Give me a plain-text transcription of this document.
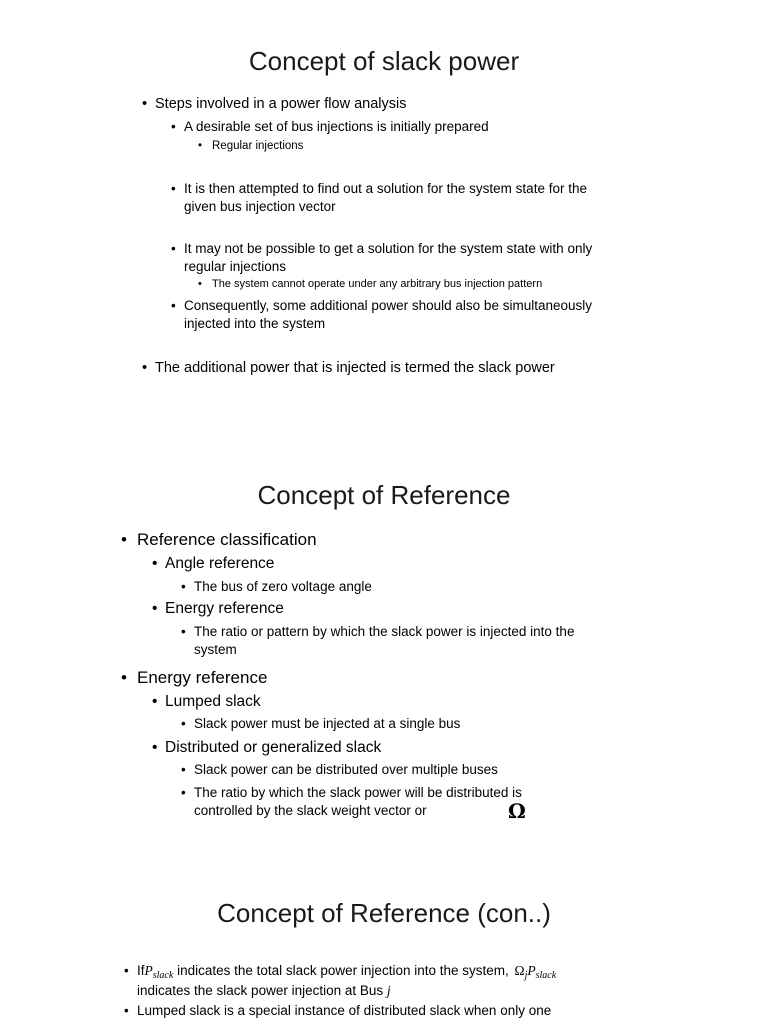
Concept of slack power
• Steps involved in a power flow analysis
• A desirable set of bus injections is initially prepared
• Regular injections
• It is then attempted to find out a solution for the system state for the
given bus injection vector
• It may not be possible to get a solution for the system state with only
regular injections
• The system cannot operate under any arbitrary bus injection pattern
• Consequently, some additional power should also be simultaneously
injected into the system
• The additional power that is injected is termed the slack power
Concept of Reference
• Reference classification
• Angle reference
• The bus of zero voltage angle
• Energy reference
• The ratio or pattern by which the slack power is injected into the
system
• Energy reference
• Lumped slack
• Slack power must be injected at a single bus
• Distributed or generalized slack
• Slack power can be distributed over multiple buses
• The ratio by which the slack power will be distributed is
controlled by the slack weight vector or	Ω
Concept of Reference (con..)
• IfP$_{slack}$ indicates the total slack power injection into the system, $\Omega_jP_{slack}$
indicates the slack power injection at Bus j
• Lumped slack is a special instance of distributed slack when only one
